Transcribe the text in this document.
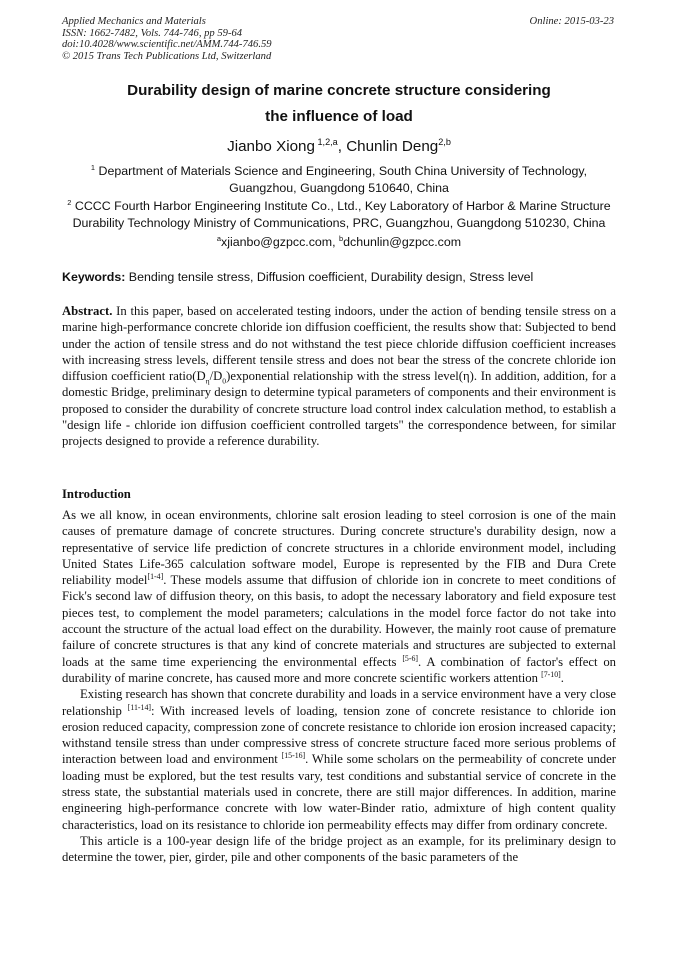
Applied Mechanics and Materials
ISSN: 1662-7482, Vols. 744-746, pp 59-64
doi:10.4028/www.scientific.net/AMM.744-746.59
© 2015 Trans Tech Publications Ltd, Switzerland
Online: 2015-03-23
Durability design of marine concrete structure considering
the influence of load
Jianbo Xiong $^{1,2,a}$, Chunlin Deng$^{2,b}$
$^1$ Department of Materials Science and Engineering, South China University of Technology, Guangzhou, Guangdong 510640, China
$^2$ CCCC Fourth Harbor Engineering Institute Co., Ltd., Key Laboratory of Harbor & Marine Structure Durability Technology Ministry of Communications, PRC, Guangzhou, Guangdong 510230, China
$^a$xjianbo@gzpcc.com, $^b$dchunlin@gzpcc.com
Keywords: Bending tensile stress, Diffusion coefficient, Durability design, Stress level
Abstract. In this paper, based on accelerated testing indoors, under the action of bending tensile stress on a marine high-performance concrete chloride ion diffusion coefficient, the results show that: Subjected to bend under the action of tensile stress and do not withstand the test piece chloride diffusion coefficient increases with increasing stress levels, different tensile stress and does not bear the stress of the concrete chloride ion diffusion coefficient $ratio(D_\eta/D_0)exponential$ relationship with the stress level(η). In addition, addition, for a domestic Bridge, preliminary design to determine typical parameters of components and their environment is proposed to consider the durability of concrete structure load control index calculation method, to establish a "design life - chloride ion diffusion coefficient controlled targets" the correspondence between, for similar projects designed to provide a reference durability.
Introduction

As we all know, in ocean environments, chlorine salt erosion leading to steel corrosion is one of the main causes of premature damage of concrete structures. During concrete structure's durability design, now a representative of service life prediction of concrete structures in a chloride environment model, including United States Life-365 calculation software model, Europe is represented by the FIB and Dura Crete reliability model[1-4]. These models assume that diffusion of chloride ion in concrete to meet conditions of Fick's second law of diffusion theory, on this basis, to adopt the necessary laboratory and field exposure test pieces test, to complement the model parameters; calculations in the model force factor do not take into account the structure of the actual load effect on the durability. However, the mainly root cause of premature failure of concrete structures is that any kind of concrete materials and structures are subjected to external loads at the same time experiencing the environmental effects [5-6]. A combination of factor's effect on durability of marine concrete, has caused more and more concrete scientific workers attention [7-10].

Existing research has shown that concrete durability and loads in a service environment have a very close relationship [11-14]: With increased levels of loading, tension zone of concrete resistance to chloride ion erosion reduced capacity, compression zone of concrete resistance to chloride ion erosion increased capacity; withstand tensile stress than under compressive stress of concrete structure faced more serious problems of interaction between load and environment [15-16]. While some scholars on the permeability of concrete under loading must be explored, but the test results vary, test conditions and substantial service of concrete in the stress state, the substantial materials used in concrete, there are still major differences. In addition, marine engineering high-performance concrete with low water-Binder ratio, admixture of high content quality characteristics, load on its resistance to chloride ion permeability effects may differ from ordinary concrete.

This article is a 100-year design life of the bridge project as an example, for its preliminary design to determine the tower, pier, girder, pile and other components of the basic parameters of the
